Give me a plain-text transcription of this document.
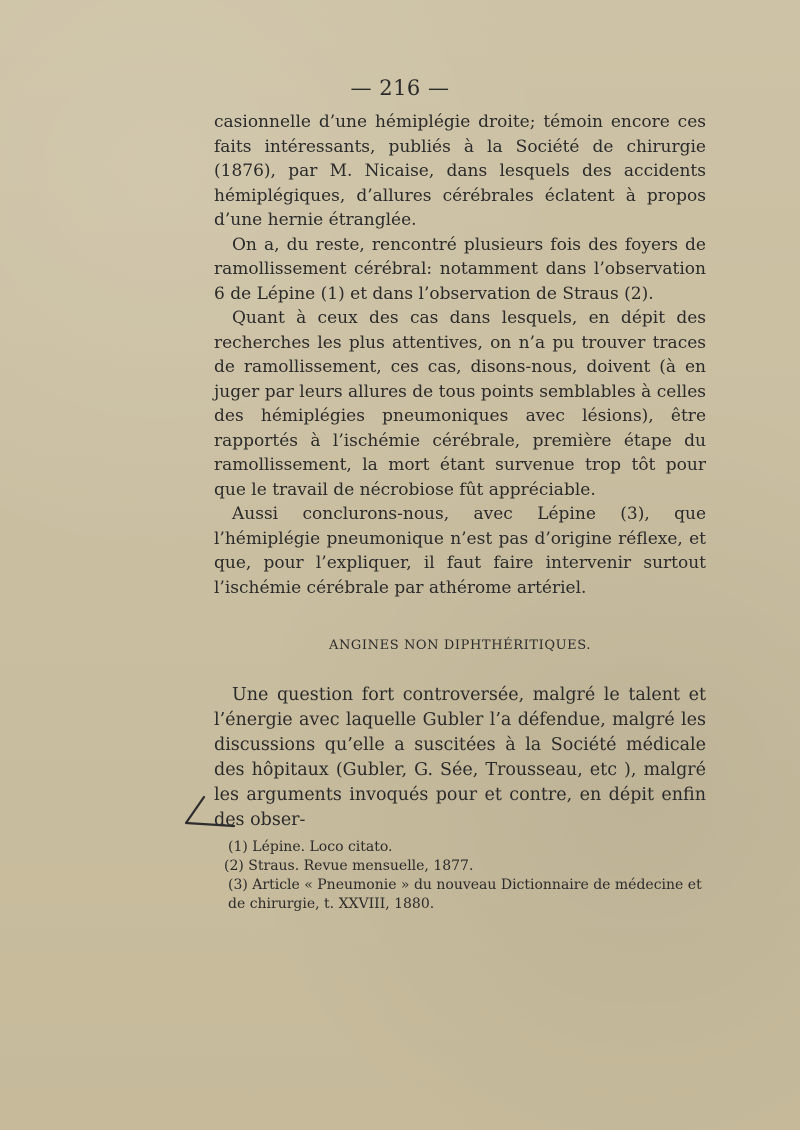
— 216 —

casionnelle d’une hémiplégie droite; témoin encore ces faits intéressants, publiés à la Société de chirurgie (1876), par M. Nicaise, dans lesquels des accidents hémiplégiques, d’allures cérébrales éclatent à propos d’une hernie étranglée.

On a, du reste, rencontré plusieurs fois des foyers de ramollissement cérébral: notamment dans l’observation 6 de Lépine (1) et dans l’observation de Straus (2).

Quant à ceux des cas dans lesquels, en dépit des recherches les plus attentives, on n’a pu trouver traces de ramollissement, ces cas, disons-nous, doivent (à en juger par leurs allures de tous points semblables à celles des hémiplégies pneumoniques avec lésions), être rapportés à l’ischémie cérébrale, première étape du ramollissement, la mort étant survenue trop tôt pour que le travail de nécrobiose fût appréciable.

Aussi conclurons-nous, avec Lépine (3), que l’hémiplégie pneumonique n’est pas d’origine réflexe, et que, pour l’expliquer, il faut faire intervenir surtout l’ischémie cérébrale par athérome artériel.

ANGINES NON DIPHTHÉRITIQUES.

Une question fort controversée, malgré le talent et l’énergie avec laquelle Gubler l’a défendue, malgré les discussions qu’elle a suscitées à la Société médicale des hôpitaux (Gubler, G. Sée, Trousseau, etc ), malgré les arguments invoqués pour et contre, en dépit enfin des obser-

(1) Lépine. Loco citato.

(2) Straus. Revue mensuelle, 1877.

(3) Article « Pneumonie » du nouveau Dictionnaire de médecine et de chirurgie, t. XXVIII, 1880.
